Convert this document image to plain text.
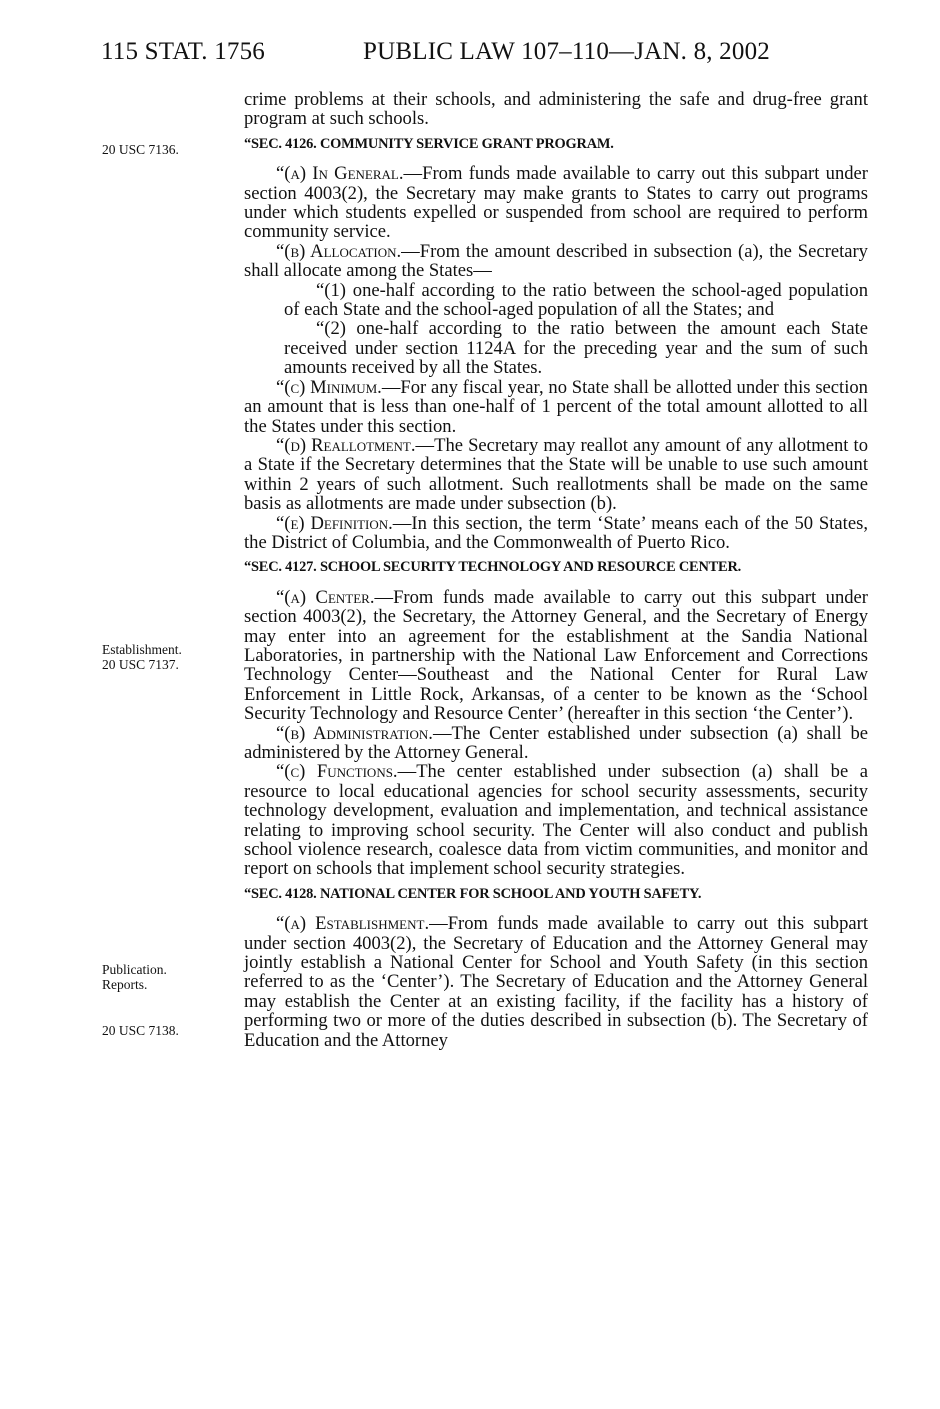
115 STAT. 1756	PUBLIC LAW 107–110—JAN. 8, 2002
20 USC 7136.
Establishment.
20 USC 7137.
Publication.
Reports.
20 USC 7138.

crime problems at their schools, and administering the safe and drug-free grant program at such schools.

“SEC. 4126. COMMUNITY SERVICE GRANT PROGRAM.

“(a) In General.—From funds made available to carry out this subpart under section 4003(2), the Secretary may make grants to States to carry out programs under which students expelled or suspended from school are required to perform community service.

“(b) Allocation.—From the amount described in subsection (a), the Secretary shall allocate among the States—

“(1) one-half according to the ratio between the school-aged population of each State and the school-aged population of all the States; and

“(2) one-half according to the ratio between the amount each State received under section 1124A for the preceding year and the sum of such amounts received by all the States.

“(c) Minimum.—For any fiscal year, no State shall be allotted under this section an amount that is less than one-half of 1 percent of the total amount allotted to all the States under this section.

“(d) Reallotment.—The Secretary may reallot any amount of any allotment to a State if the Secretary determines that the State will be unable to use such amount within 2 years of such allotment. Such reallotments shall be made on the same basis as allotments are made under subsection (b).

“(e) Definition.—In this section, the term ‘State’ means each of the 50 States, the District of Columbia, and the Commonwealth of Puerto Rico.

“SEC. 4127. SCHOOL SECURITY TECHNOLOGY AND RESOURCE CENTER.

“(a) Center.—From funds made available to carry out this subpart under section 4003(2), the Secretary, the Attorney General, and the Secretary of Energy may enter into an agreement for the establishment at the Sandia National Laboratories, in partnership with the National Law Enforcement and Corrections Technology Center—Southeast and the National Center for Rural Law Enforcement in Little Rock, Arkansas, of a center to be known as the ‘School Security Technology and Resource Center’ (hereafter in this section ‘the Center’).

“(b) Administration.—The Center established under subsection (a) shall be administered by the Attorney General.

“(c) Functions.—The center established under subsection (a) shall be a resource to local educational agencies for school security assessments, security technology development, evaluation and implementation, and technical assistance relating to improving school security. The Center will also conduct and publish school violence research, coalesce data from victim communities, and monitor and report on schools that implement school security strategies.

“SEC. 4128. NATIONAL CENTER FOR SCHOOL AND YOUTH SAFETY.

“(a) Establishment.—From funds made available to carry out this subpart under section 4003(2), the Secretary of Education and the Attorney General may jointly establish a National Center for School and Youth Safety (in this section referred to as the ‘Center’). The Secretary of Education and the Attorney General may establish the Center at an existing facility, if the facility has a history of performing two or more of the duties described in subsection (b). The Secretary of Education and the Attorney
